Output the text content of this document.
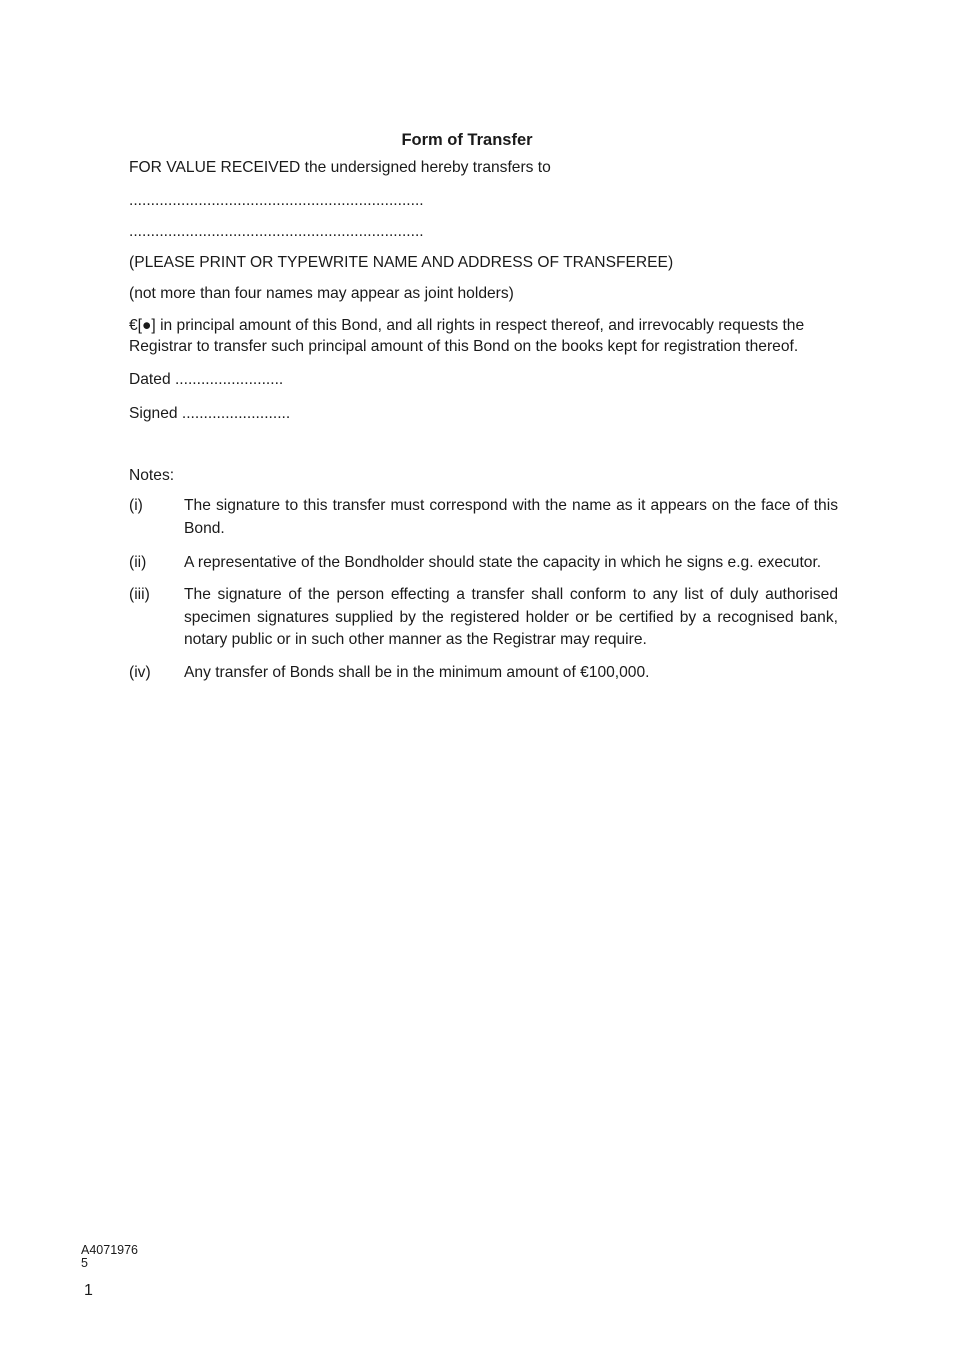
Form of Transfer
FOR VALUE RECEIVED the undersigned hereby transfers to
....................................................................
....................................................................
(PLEASE PRINT OR TYPEWRITE NAME AND ADDRESS OF TRANSFEREE)
(not more than four names may appear as joint holders)
€[●] in principal amount of this Bond, and all rights in respect thereof, and irrevocably requests the Registrar to transfer such principal amount of this Bond on the books kept for registration thereof.
Dated .........................
Signed .........................
Notes:
(i)	The signature to this transfer must correspond with the name as it appears on the face of this Bond.
(ii)	A representative of the Bondholder should state the capacity in which he signs e.g. executor.
(iii)	The signature of the person effecting a transfer shall conform to any list of duly authorised specimen signatures supplied by the registered holder or be certified by a recognised bank, notary public or in such other manner as the Registrar may require.
(iv)	Any transfer of Bonds shall be in the minimum amount of €100,000.
A4071976
5
1
